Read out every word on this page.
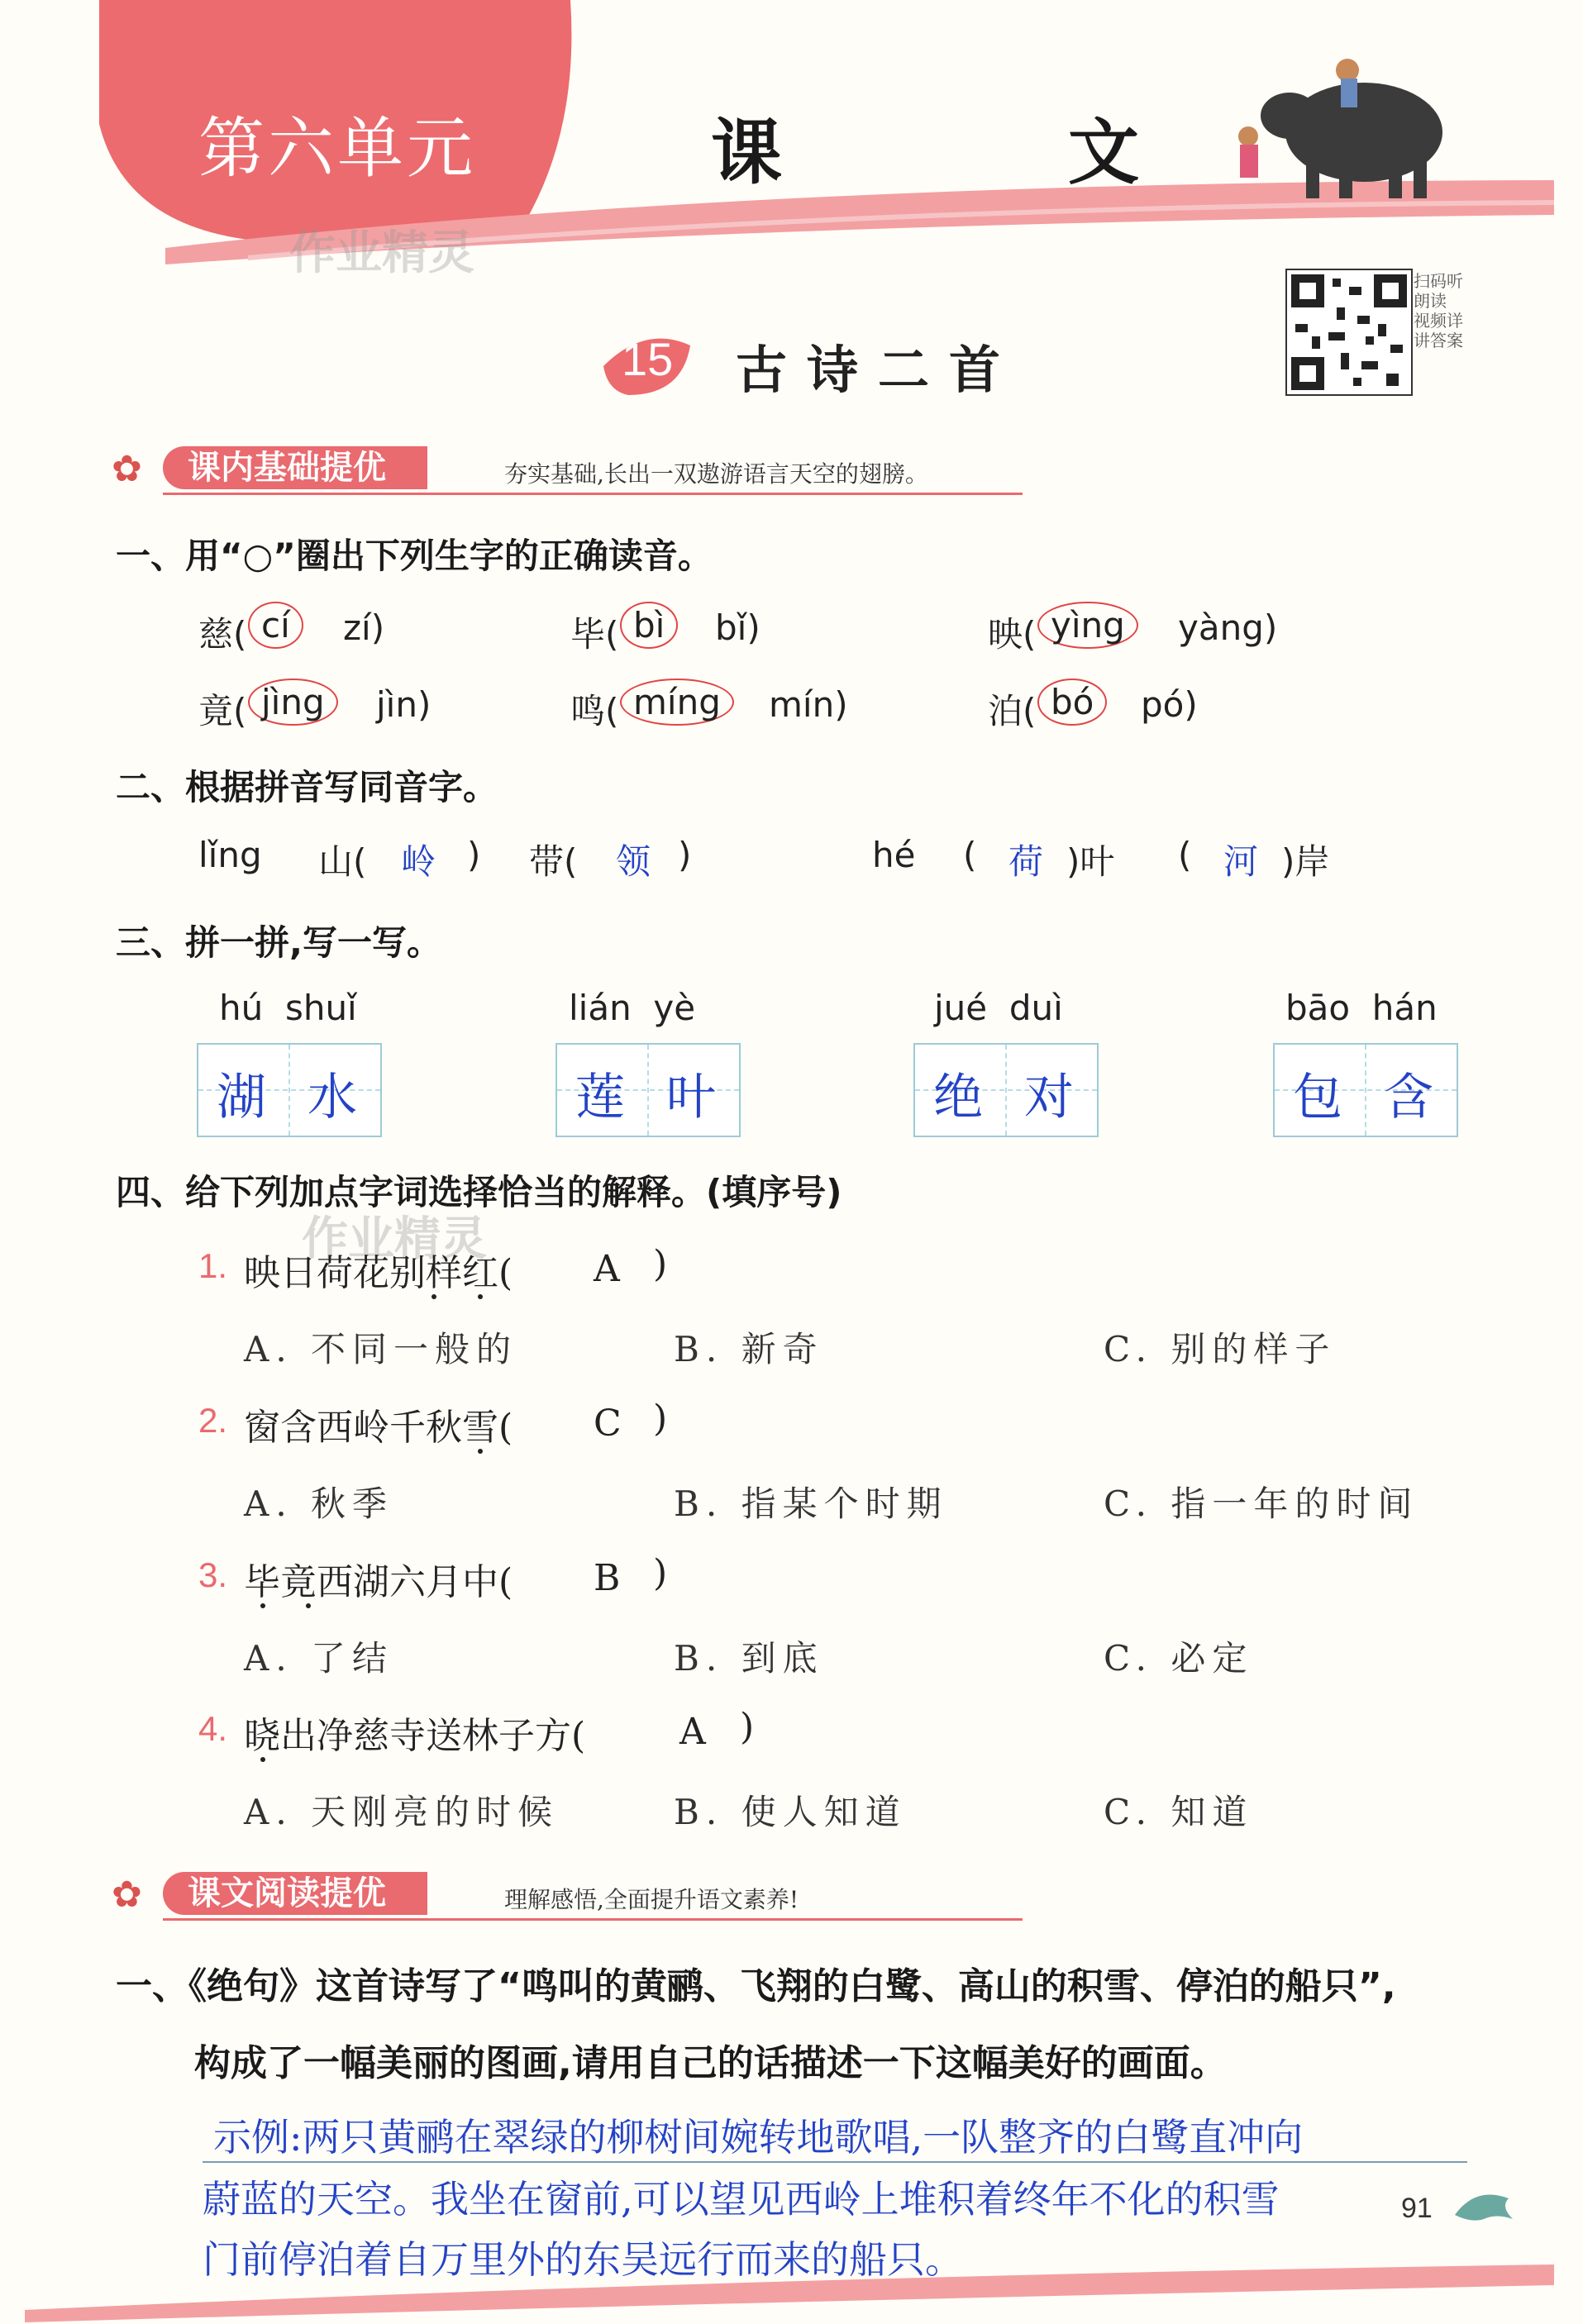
第六单元	课　文
作业精灵
15 古诗二首
扫码听朗读 视频详讲答案
✿	课内基础提优	夯实基础,长出一双遨游语言天空的翅膀。
一、用“○”圈出下列生字的正确读音。
慈( cí	zí)	毕( bì	bǐ)	映( yìng	yàng)
竟( jìng	jìn)	鸣( míng	mín)	泊( bó	pó)
二、根据拼音写同音字。
lǐng 山( 岭 ) 带( 领 )	hé ( 荷 )叶 ( 河 )岸
三、拼一拼,写一写。
hú  shuǐ
湖 水
lián  yè
莲 叶
jué  duì
绝 对
bāo  hán
包 含
四、给下列加点字词选择恰当的解释。(填序号)
作业精灵
1. 映日荷花别样红( A )
A. 不同一般的	B. 新奇	C. 别的样子
2. 窗含西岭千秋雪( C )
A. 秋季	B. 指某个时期	C. 指一年的时间
3. 毕竟西湖六月中( B )
A. 了结	B. 到底	C. 必定
4. 晓出净慈寺送林子方(	A )
A. 天刚亮的时候	B. 使人知道	C. 知道
✿	课文阅读提优	理解感悟,全面提升语文素养!
一、《绝句》这首诗写了“鸣叫的黄鹂、飞翔的白鹭、高山的积雪、停泊的船只”,
构成了一幅美丽的图画,请用自己的话描述一下这幅美好的画面。
示例:两只黄鹂在翠绿的柳树间婉转地歌唱,一队整齐的白鹭直冲向
蔚蓝的天空。我坐在窗前,可以望见西岭上堆积着终年不化的积雪
门前停泊着自万里外的东吴远行而来的船只。
91
